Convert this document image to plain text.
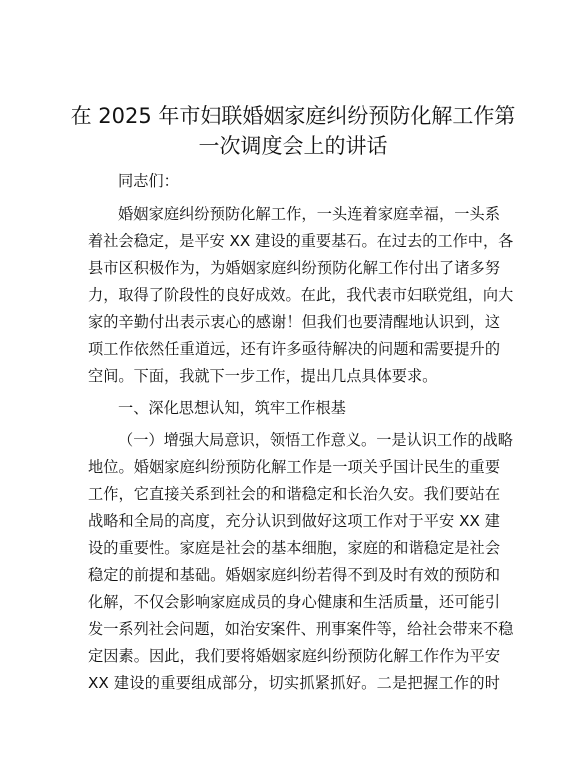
在 2025 年市妇联婚姻家庭纠纷预防化解工作第
一次调度会上的讲话
同志们：
婚姻家庭纠纷预防化解工作，一头连着家庭幸福，一头系
着社会稳定，是平安 XX 建设的重要基石。在过去的工作中，各
县市区积极作为，为婚姻家庭纠纷预防化解工作付出了诸多努
力，取得了阶段性的良好成效。在此，我代表市妇联党组，向大
家的辛勤付出表示衷心的感谢！但我们也要清醒地认识到，这
项工作依然任重道远，还有许多亟待解决的问题和需要提升的
空间。下面，我就下一步工作，提出几点具体要求。
一、深化思想认知，筑牢工作根基
（一）增强大局意识，领悟工作意义。一是认识工作的战略
地位。婚姻家庭纠纷预防化解工作是一项关乎国计民生的重要
工作，它直接关系到社会的和谐稳定和长治久安。我们要站在
战略和全局的高度，充分认识到做好这项工作对于平安 XX 建
设的重要性。家庭是社会的基本细胞，家庭的和谐稳定是社会
稳定的前提和基础。婚姻家庭纠纷若得不到及时有效的预防和
化解，不仅会影响家庭成员的身心健康和生活质量，还可能引
发一系列社会问题，如治安案件、刑事案件等，给社会带来不稳
定因素。因此，我们要将婚姻家庭纠纷预防化解工作作为平安
XX 建设的重要组成部分，切实抓紧抓好。二是把握工作的时
